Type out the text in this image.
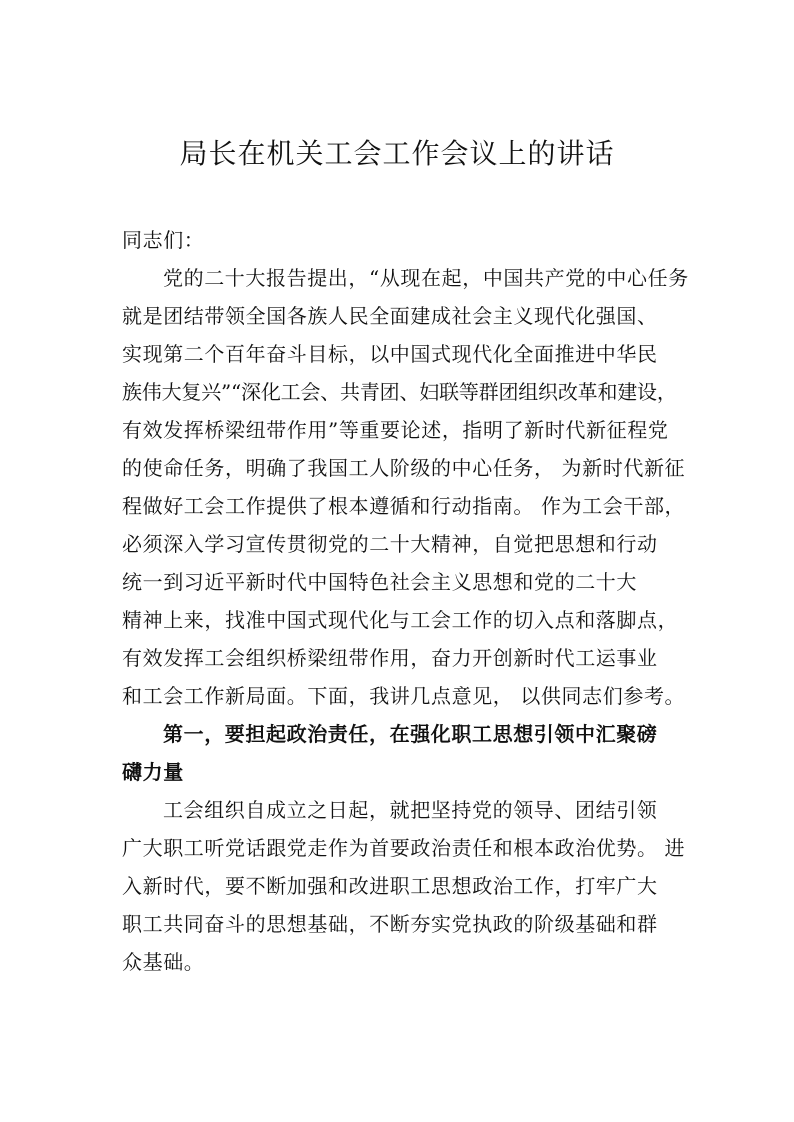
局长在机关工会工作会议上的讲话

同志们：

党的二十大报告提出，“从现在起，中国共产党的中心任务

就是团结带领全国各族人民全面建成社会主义现代化强国、

实现第二个百年奋斗目标，以中国式现代化全面推进中华民

族伟大复兴”“深化工会、共青团、妇联等群团组织改革和建设，

有效发挥桥梁纽带作用”等重要论述，指明了新时代新征程党

的使命任务，明确了我国工人阶级的中心任务， 为新时代新征

程做好工会工作提供了根本遵循和行动指南。 作为工会干部，

必须深入学习宣传贯彻党的二十大精神，自觉把思想和行动

统一到习近平新时代中国特色社会主义思想和党的二十大

精神上来，找准中国式现代化与工会工作的切入点和落脚点，

有效发挥工会组织桥梁纽带作用，奋力开创新时代工运事业

和工会工作新局面。下面，我讲几点意见， 以供同志们参考。

第一，要担起政治责任，在强化职工思想引领中汇聚磅

礴力量

工会组织自成立之日起，就把坚持党的领导、团结引领

广大职工听党话跟党走作为首要政治责任和根本政治优势。 进

入新时代，要不断加强和改进职工思想政治工作，打牢广大

职工共同奋斗的思想基础，不断夯实党执政的阶级基础和群

众基础。
